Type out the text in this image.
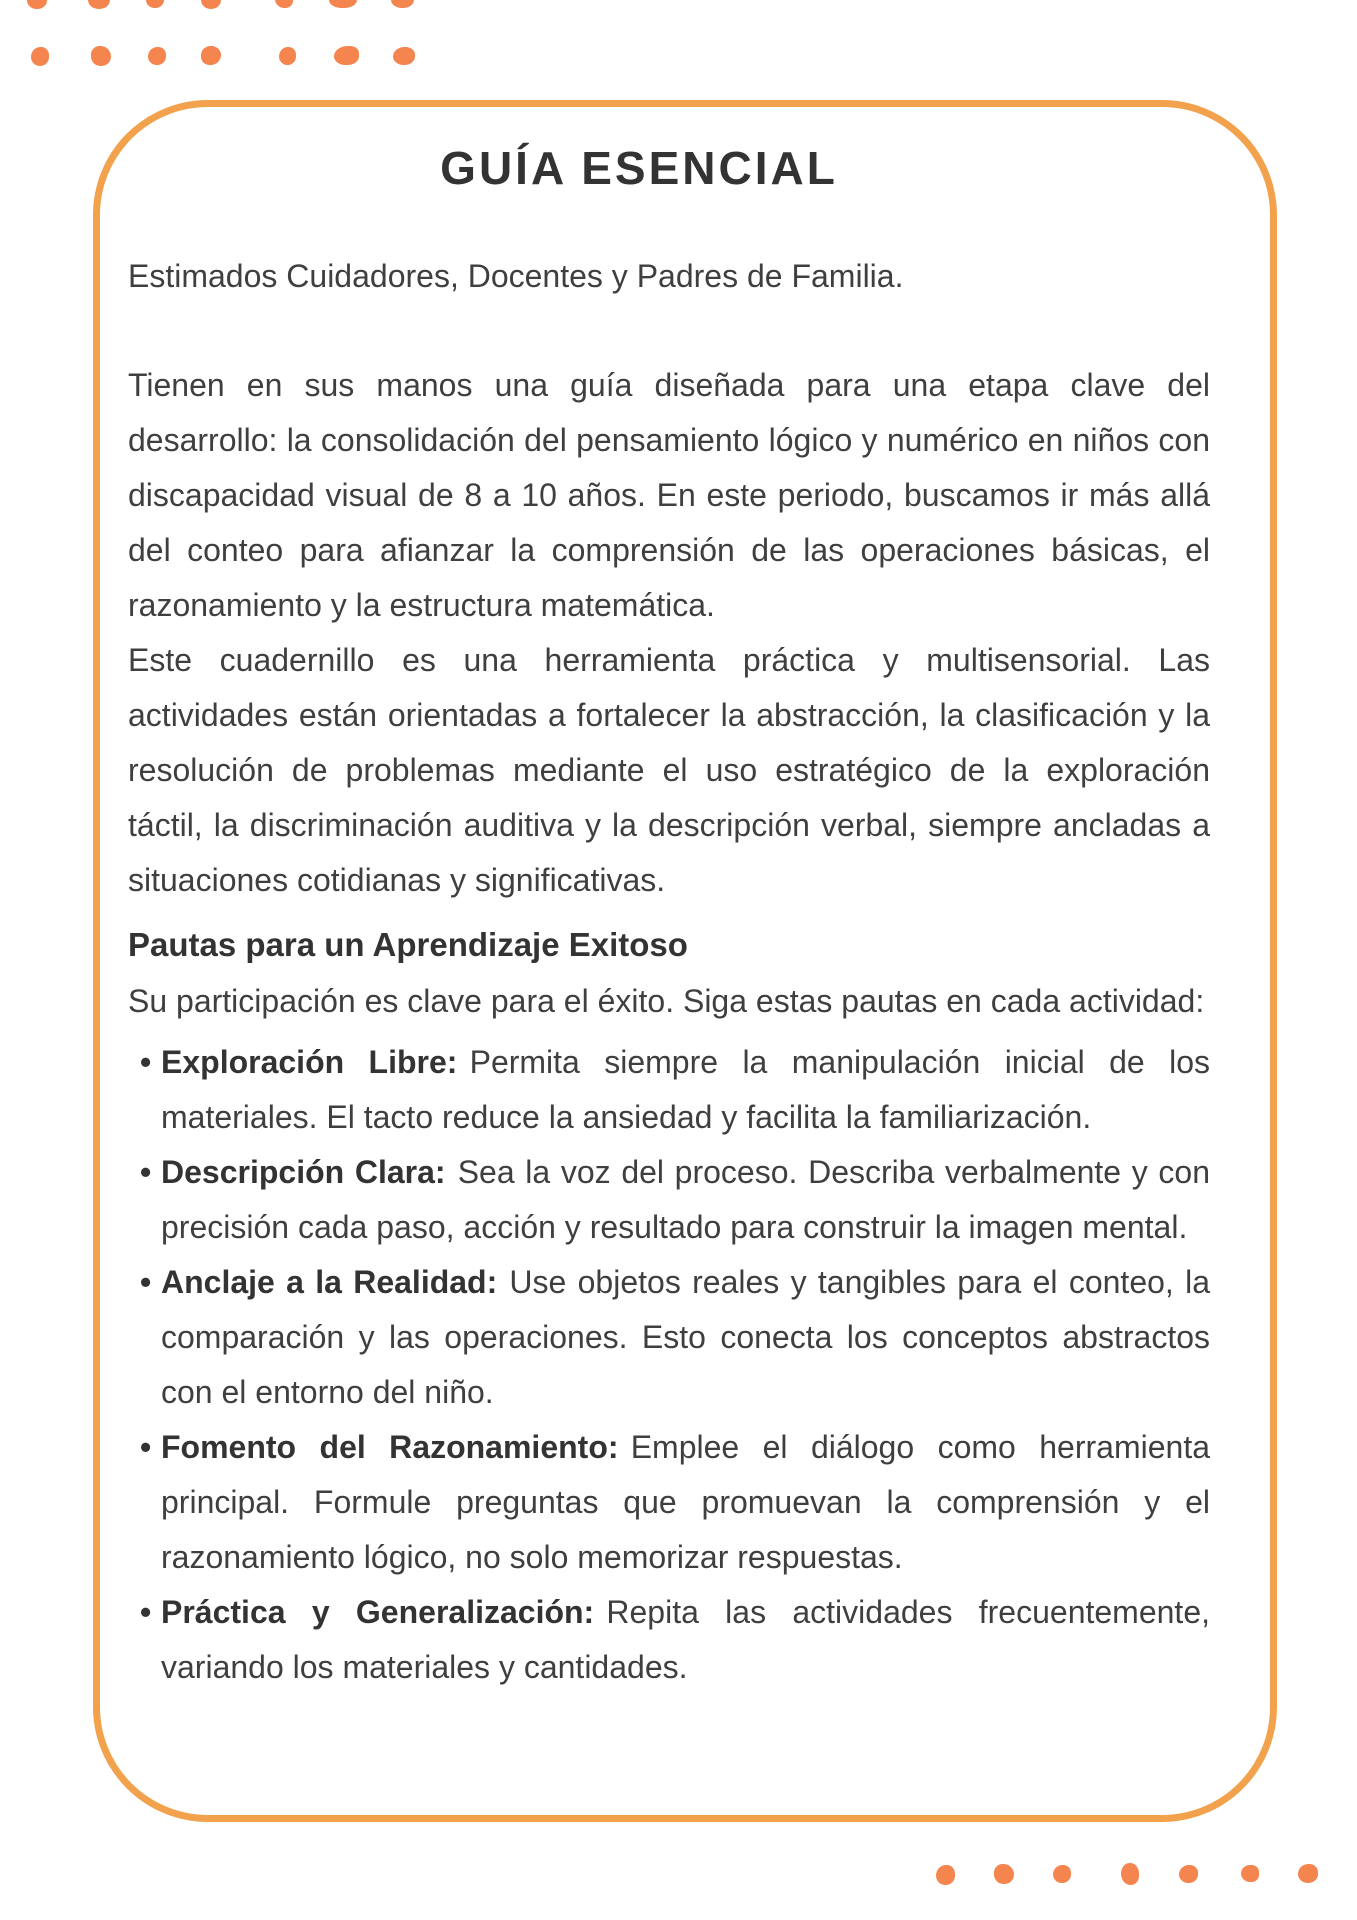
GUÍA ESENCIAL

Estimados Cuidadores, Docentes y Padres de Familia.

Tienen en sus manos una guía diseñada para una etapa clave del desarrollo: la consolidación del pensamiento lógico y numérico en niños con discapacidad visual de 8 a 10 años. En este periodo, buscamos ir más allá del conteo para afianzar la comprensión de las operaciones básicas, el razonamiento y la estructura matemática.

Este cuadernillo es una herramienta práctica y multisensorial. Las actividades están orientadas a fortalecer la abstracción, la clasificación y la resolución de problemas mediante el uso estratégico de la exploración táctil, la discriminación auditiva y la descripción verbal, siempre ancladas a situaciones cotidianas y significativas.

Pautas para un Aprendizaje Exitoso

Su participación es clave para el éxito. Siga estas pautas en cada actividad:

• Exploración Libre: Permita siempre la manipulación inicial de los materiales. El tacto reduce la ansiedad y facilita la familiarización.
• Descripción Clara: Sea la voz del proceso. Describa verbalmente y con precisión cada paso, acción y resultado para construir la imagen mental.
• Anclaje a la Realidad: Use objetos reales y tangibles para el conteo, la comparación y las operaciones. Esto conecta los conceptos abstractos con el entorno del niño.
• Fomento del Razonamiento: Emplee el diálogo como herramienta principal. Formule preguntas que promuevan la comprensión y el razonamiento lógico, no solo memorizar respuestas.
• Práctica y Generalización: Repita las actividades frecuentemente, variando los materiales y cantidades.
